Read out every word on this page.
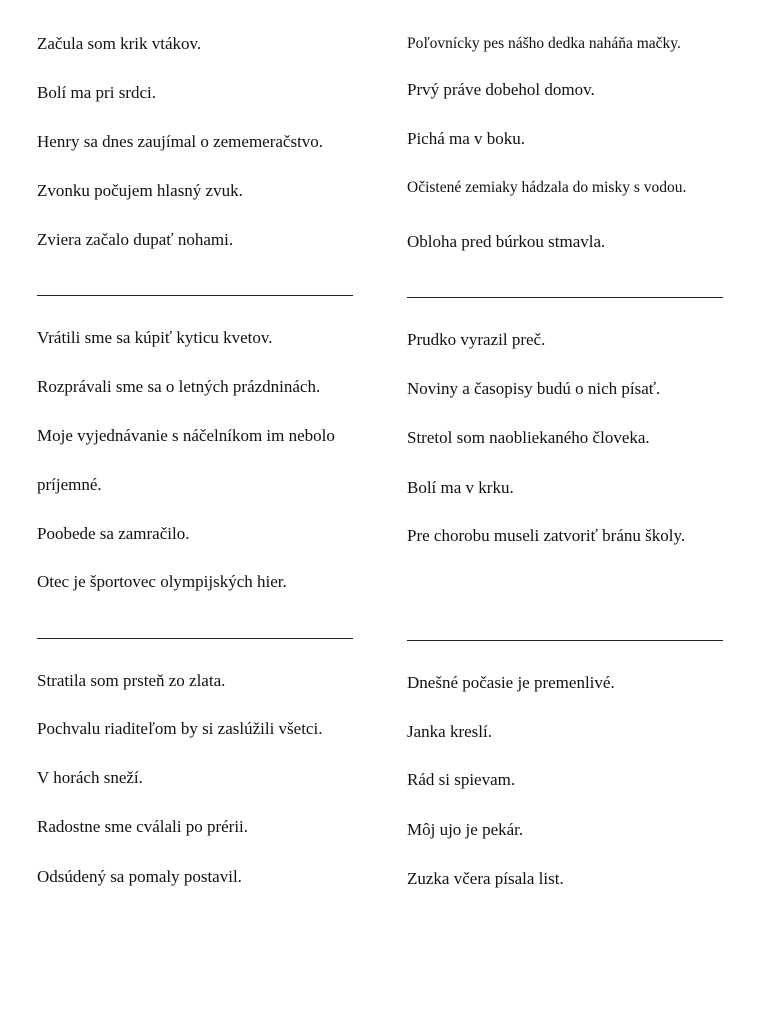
Začula som krik vtákov.
Bolí ma pri srdci.
Henry sa dnes zaujímal o zememeračstvo.
Zvonku počujem hlasný zvuk.
Zviera začalo dupať nohami.
Vrátili sme sa kúpiť kyticu kvetov.
Rozprávali sme sa o letných prázdninách.
Moje vyjednávanie s náčelníkom im nebolo
príjemné.
Poobede sa zamračilo.
Otec je športovec olympijských hier.
Stratila som prsteň zo zlata.
Pochvalu riaditeľom by si zaslúžili všetci.
V horách sneží.
Radostne sme cválali po prérii.
Odsúdený sa pomaly postavil.
Poľovnícky pes nášho dedka naháňa mačky.
Prvý práve dobehol domov.
Pichá ma v boku.
Očistené zemiaky hádzala do misky s vodou.
Obloha pred búrkou stmavla.
Prudko vyrazil preč.
Noviny a časopisy budú o nich písať.
Stretol som naobliekaného človeka.
Bolí ma v krku.
Pre chorobu museli zatvoriť bránu školy.
Dnešné počasie je premenlivé.
Janka kreslí.
Rád si spievam.
Môj ujo je pekár.
Zuzka včera písala list.
